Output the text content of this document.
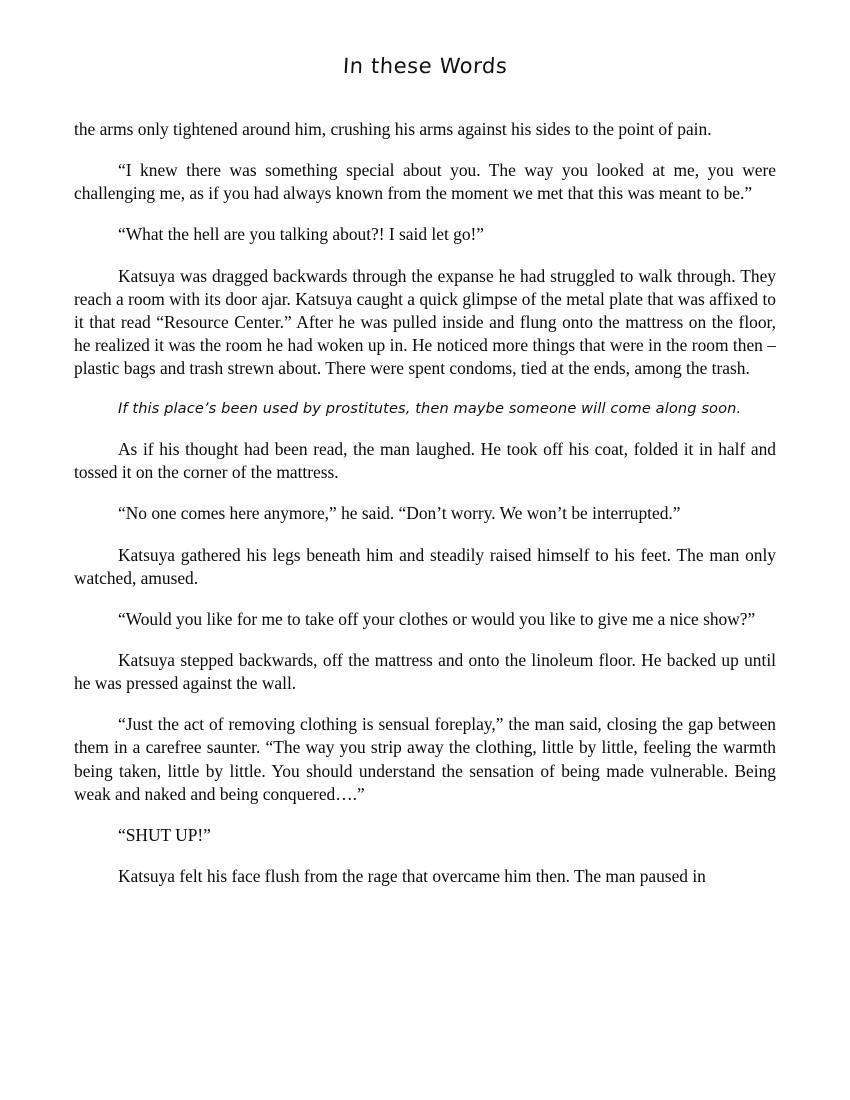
In these Words

the arms only tightened around him, crushing his arms against his sides to the point of pain.

“I knew there was something special about you. The way you looked at me, you were challenging me, as if you had always known from the moment we met that this was meant to be.”

“What the hell are you talking about?! I said let go!”

Katsuya was dragged backwards through the expanse he had struggled to walk through. They reach a room with its door ajar. Katsuya caught a quick glimpse of the metal plate that was affixed to it that read “Resource Center.” After he was pulled inside and flung onto the mattress on the floor, he realized it was the room he had woken up in. He noticed more things that were in the room then – plastic bags and trash strewn about. There were spent condoms, tied at the ends, among the trash.

If this place’s been used by prostitutes, then maybe someone will come along soon.

As if his thought had been read, the man laughed. He took off his coat, folded it in half and tossed it on the corner of the mattress.

“No one comes here anymore,” he said. “Don’t worry. We won’t be interrupted.”

Katsuya gathered his legs beneath him and steadily raised himself to his feet. The man only watched, amused.

“Would you like for me to take off your clothes or would you like to give me a nice show?”

Katsuya stepped backwards, off the mattress and onto the linoleum floor. He backed up until he was pressed against the wall.

“Just the act of removing clothing is sensual foreplay,” the man said, closing the gap between them in a carefree saunter. “The way you strip away the clothing, little by little, feeling the warmth being taken, little by little. You should understand the sensation of being made vulnerable. Being weak and naked and being conquered….”

“SHUT UP!”

Katsuya felt his face flush from the rage that overcame him then. The man paused in
